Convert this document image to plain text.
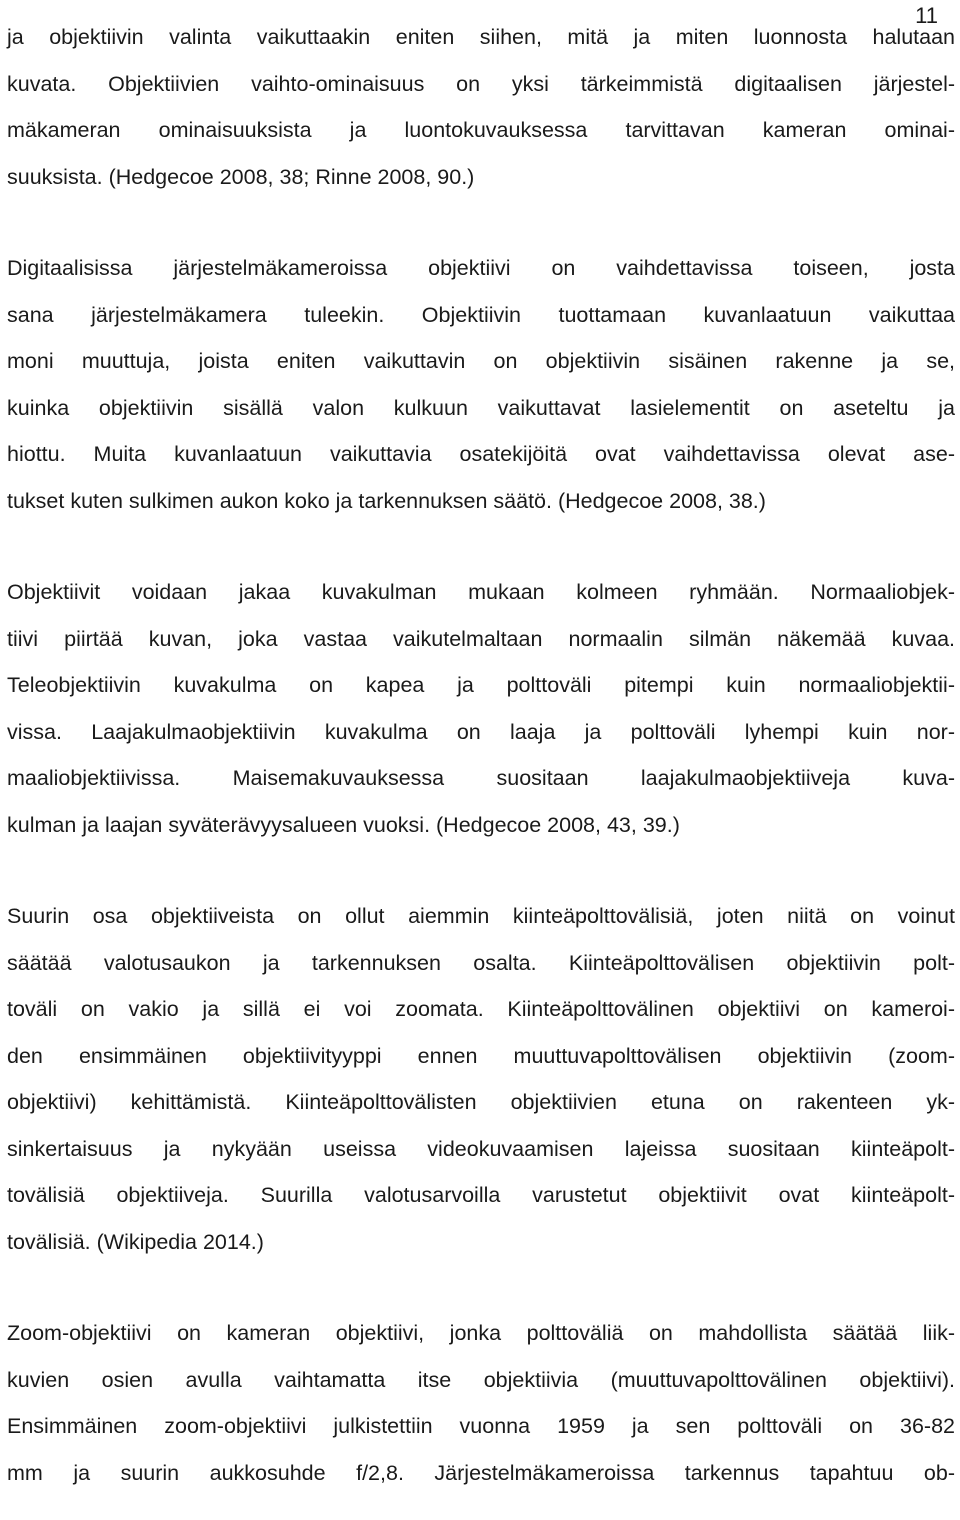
11

ja objektiivin valinta vaikuttaakin eniten siihen, mitä ja miten luonnosta halutaan
kuvata. Objektiivien vaihto-ominaisuus on yksi tärkeimmistä digitaalisen järjestel-
mäkameran ominaisuuksista ja luontokuvauksessa tarvittavan kameran ominai-
suuksista. (Hedgecoe 2008, 38; Rinne 2008, 90.)

Digitaalisissa järjestelmäkameroissa objektiivi on vaihdettavissa toiseen, josta
sana järjestelmäkamera tuleekin. Objektiivin tuottamaan kuvanlaatuun vaikuttaa
moni muuttuja, joista eniten vaikuttavin on objektiivin sisäinen rakenne ja se,
kuinka objektiivin sisällä valon kulkuun vaikuttavat lasielementit on aseteltu ja
hiottu. Muita kuvanlaatuun vaikuttavia osatekijöitä ovat vaihdettavissa olevat ase-
tukset kuten sulkimen aukon koko ja tarkennuksen säätö. (Hedgecoe 2008, 38.)

Objektiivit voidaan jakaa kuvakulman mukaan kolmeen ryhmään. Normaaliobjek-
tiivi piirtää kuvan, joka vastaa vaikutelmaltaan normaalin silmän näkemää kuvaa.
Teleobjektiivin kuvakulma on kapea ja polttoväli pitempi kuin normaaliobjektii-
vissa. Laajakulmaobjektiivin kuvakulma on laaja ja polttoväli lyhempi kuin nor-
maaliobjektiivissa. Maisemakuvauksessa suositaan laajakulmaobjektiiveja kuva-
kulman ja laajan syväterävyysalueen vuoksi. (Hedgecoe 2008, 43, 39.)

Suurin osa objektiiveista on ollut aiemmin kiinteäpolttovälisiä, joten niitä on voinut
säätää valotusaukon ja tarkennuksen osalta. Kiinteäpolttovälisen objektiivin polt-
toväli on vakio ja sillä ei voi zoomata. Kiinteäpolttovälinen objektiivi on kameroi-
den ensimmäinen objektiivityyppi ennen muuttuvapolttovälisen objektiivin (zoom-
objektiivi) kehittämistä. Kiinteäpolttovälisten objektiivien etuna on rakenteen yk-
sinkertaisuus ja nykyään useissa videokuvaamisen lajeissa suositaan kiinteäpolt-
tovälisiä objektiiveja. Suurilla valotusarvoilla varustetut objektiivit ovat kiinteäpolt-
tovälisiä. (Wikipedia 2014.)

Zoom-objektiivi on kameran objektiivi, jonka polttoväliä on mahdollista säätää liik-
kuvien osien avulla vaihtamatta itse objektiivia (muuttuvapolttovälinen objektiivi).
Ensimmäinen zoom-objektiivi julkistettiin vuonna 1959 ja sen polttoväli on 36-82
mm ja suurin aukkosuhde f/2,8. Järjestelmäkameroissa tarkennus tapahtuu ob-
